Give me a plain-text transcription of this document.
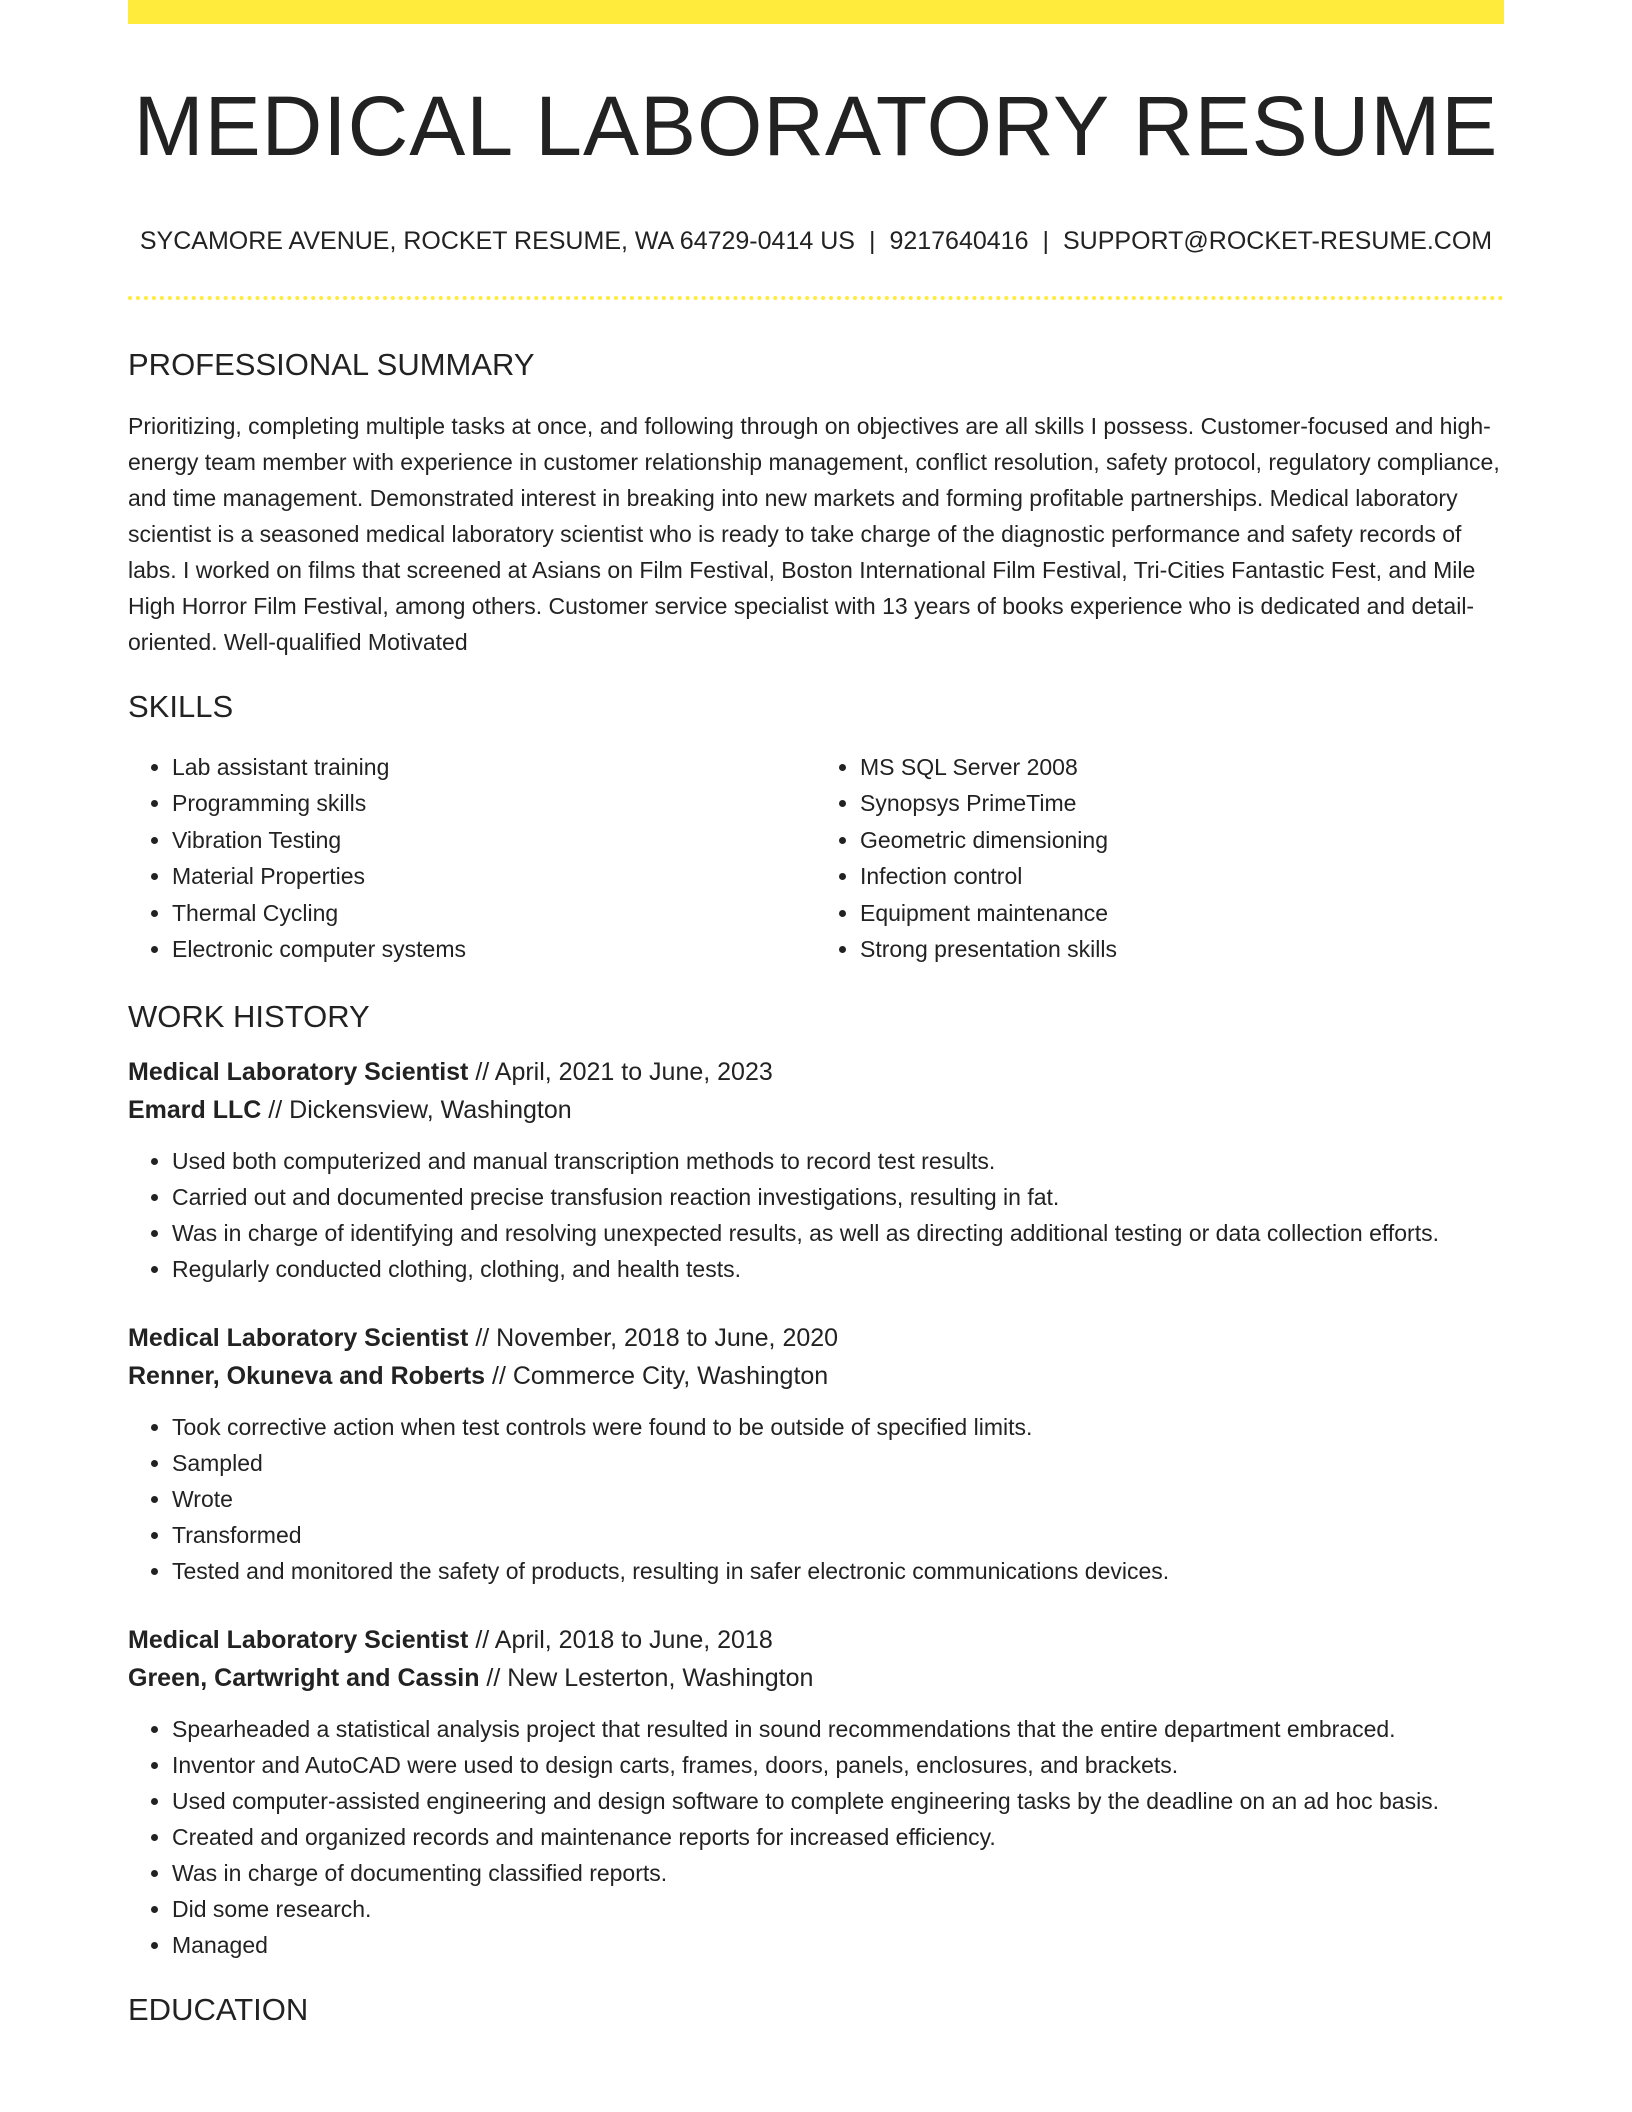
MEDICAL LABORATORY RESUME
SYCAMORE AVENUE, ROCKET RESUME, WA 64729-0414 US | 9217640416 | SUPPORT@ROCKET-RESUME.COM
PROFESSIONAL SUMMARY

Prioritizing, completing multiple tasks at once, and following through on objectives are all skills I possess. Customer-focused and high-energy team member with experience in customer relationship management, conflict resolution, safety protocol, regulatory compliance, and time management. Demonstrated interest in breaking into new markets and forming profitable partnerships. Medical laboratory scientist is a seasoned medical laboratory scientist who is ready to take charge of the diagnostic performance and safety records of labs. I worked on films that screened at Asians on Film Festival, Boston International Film Festival, Tri-Cities Fantastic Fest, and Mile High Horror Film Festival, among others. Customer service specialist with 13 years of books experience who is dedicated and detail-oriented. Well-qualified Motivated

SKILLS
• Lab assistant training
• Programming skills
• Vibration Testing
• Material Properties
• Thermal Cycling
• Electronic computer systems
• MS SQL Server 2008
• Synopsys PrimeTime
• Geometric dimensioning
• Infection control
• Equipment maintenance
• Strong presentation skills
WORK HISTORY
Medical Laboratory Scientist // April, 2021 to June, 2023
Emard LLC // Dickensview, Washington
• Used both computerized and manual transcription methods to record test results.
• Carried out and documented precise transfusion reaction investigations, resulting in fat.
• Was in charge of identifying and resolving unexpected results, as well as directing additional testing or data collection efforts.
• Regularly conducted clothing, clothing, and health tests.
Medical Laboratory Scientist // November, 2018 to June, 2020
Renner, Okuneva and Roberts // Commerce City, Washington
• Took corrective action when test controls were found to be outside of specified limits.
• Sampled
• Wrote
• Transformed
• Tested and monitored the safety of products, resulting in safer electronic communications devices.
Medical Laboratory Scientist // April, 2018 to June, 2018
Green, Cartwright and Cassin // New Lesterton, Washington
• Spearheaded a statistical analysis project that resulted in sound recommendations that the entire department embraced.
• Inventor and AutoCAD were used to design carts, frames, doors, panels, enclosures, and brackets.
• Used computer-assisted engineering and design software to complete engineering tasks by the deadline on an ad hoc basis.
• Created and organized records and maintenance reports for increased efficiency.
• Was in charge of documenting classified reports.
• Did some research.
• Managed
EDUCATION
